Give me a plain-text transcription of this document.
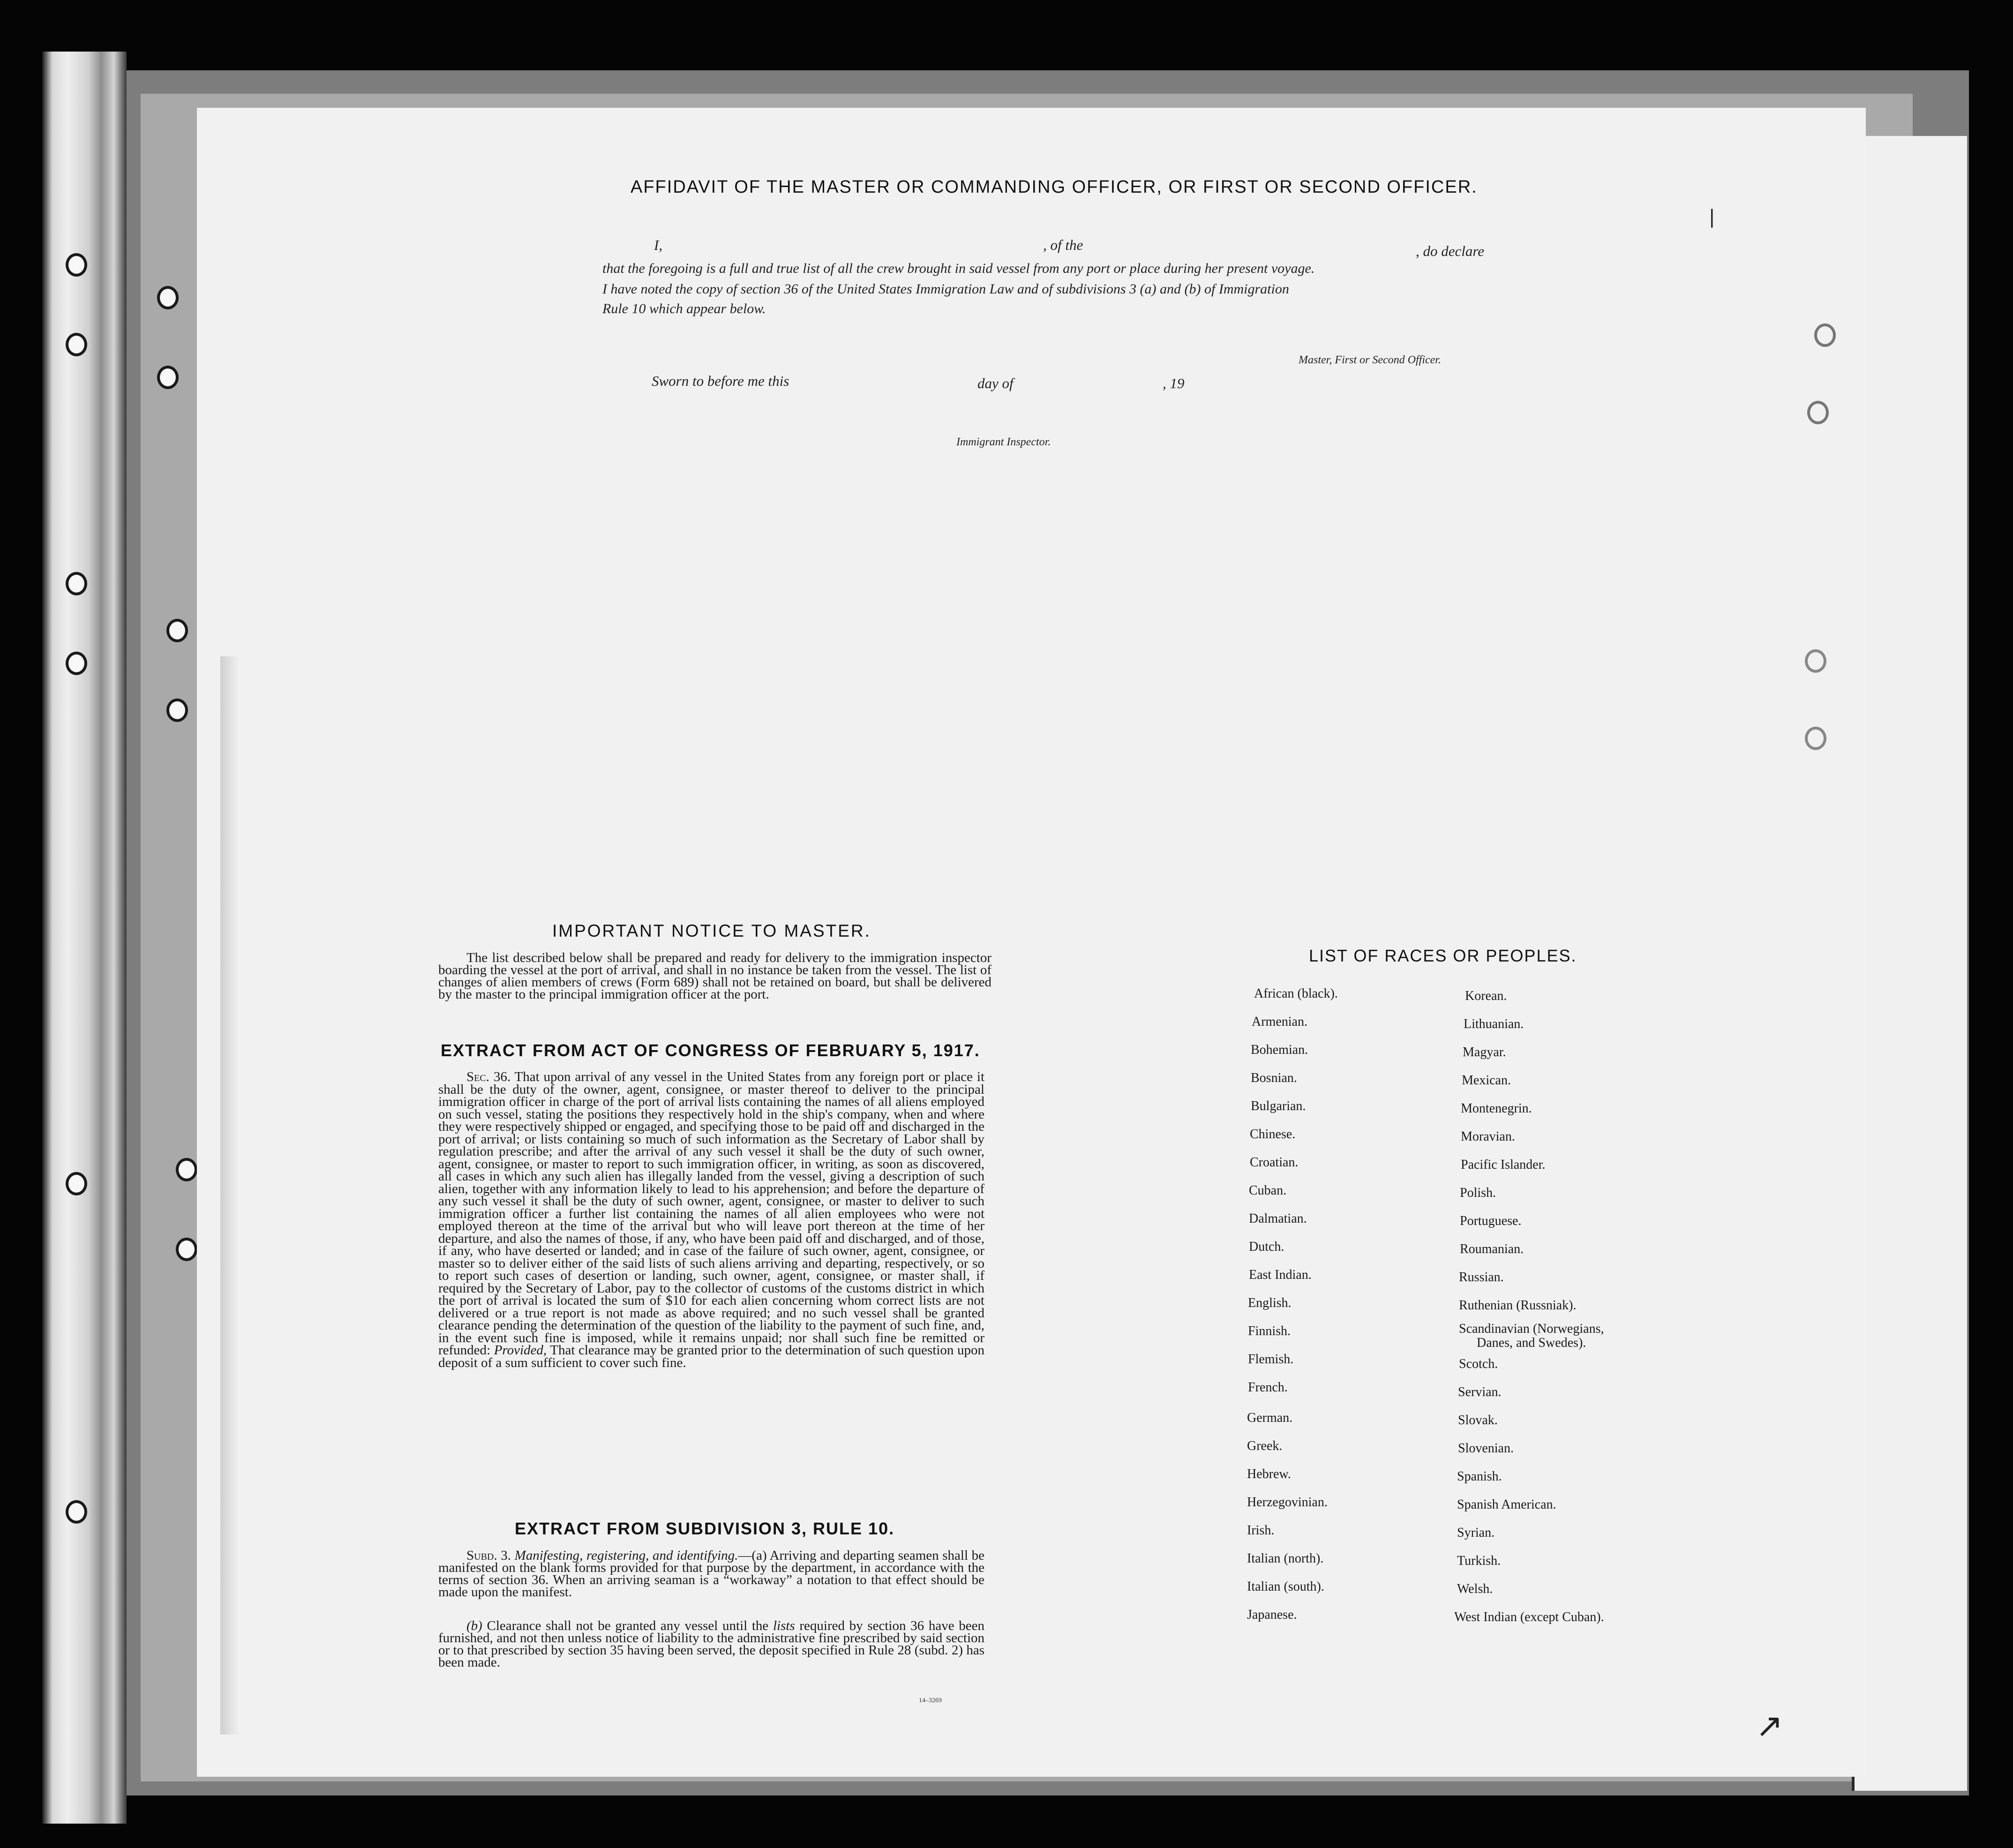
AFFIDAVIT OF THE MASTER OR COMMANDING OFFICER, OR FIRST OR SECOND OFFICER.
I,	, of the	, do declare
that the foregoing is a full and true list of all the crew brought in said vessel from any port or place during her present voyage.
I have noted the copy of section 36 of the United States Immigration Law and of subdivisions 3 (a) and (b) of Immigration
Rule 10 which appear below.
Master, First or Second Officer.
Sworn to before me this	day of	, 19
Immigrant Inspector.
|
IMPORTANT NOTICE TO MASTER.
The list described below shall be prepared and ready for delivery to the immigration inspector boarding the vessel at the port of arrival, and shall in no instance be taken from the vessel. The list of changes of alien members of crews (Form 689) shall not be retained on board, but shall be delivered by the master to the principal immigration officer at the port.
EXTRACT FROM ACT OF CONGRESS OF FEBRUARY 5, 1917.
Sec. 36. That upon arrival of any vessel in the United States from any foreign port or place it shall be the duty of the owner, agent, consignee, or master thereof to deliver to the principal immigration officer in charge of the port of arrival lists containing the names of all aliens employed on such vessel, stating the positions they respectively hold in the ship's company, when and where they were respectively shipped or engaged, and specifying those to be paid off and discharged in the port of arrival; or lists containing so much of such information as the Secretary of Labor shall by regulation prescribe; and after the arrival of any such vessel it shall be the duty of such owner, agent, consignee, or master to report to such immigration officer, in writing, as soon as discovered, all cases in which any such alien has illegally landed from the vessel, giving a description of such alien, together with any information likely to lead to his apprehension; and before the departure of any such vessel it shall be the duty of such owner, agent, consignee, or master to deliver to such immigration officer a further list containing the names of all alien employees who were not employed thereon at the time of the arrival but who will leave port thereon at the time of her departure, and also the names of those, if any, who have been paid off and discharged, and of those, if any, who have deserted or landed; and in case of the failure of such owner, agent, consignee, or master so to deliver either of the said lists of such aliens arriving and departing, respectively, or so to report such cases of desertion or landing, such owner, agent, consignee, or master shall, if required by the Secretary of Labor, pay to the collector of customs of the customs district in which the port of arrival is located the sum of $10 for each alien concerning whom correct lists are not delivered or a true report is not made as above required; and no such vessel shall be granted clearance pending the determination of the question of the liability to the payment of such fine, and, in the event such fine is imposed, while it remains unpaid; nor shall such fine be remitted or refunded: Provided, That clearance may be granted prior to the determination of such question upon deposit of a sum sufficient to cover such fine.
EXTRACT FROM SUBDIVISION 3, RULE 10.
Subd. 3. Manifesting, registering, and identifying.—(a) Arriving and departing seamen shall be manifested on the blank forms provided for that purpose by the department, in accordance with the terms of section 36. When an arriving seaman is a “workaway” a notation to that effect should be made upon the manifest.
(b) Clearance shall not be granted any vessel until the lists required by section 36 have been furnished, and not then unless notice of liability to the administrative fine prescribed by said section or to that prescribed by section 35 having been served, the deposit specified in Rule 28 (subd. 2) has been made.
14–3269
LIST OF RACES OR PEOPLES.
African (black).
Armenian.
Bohemian.
Bosnian.
Bulgarian.
Chinese.
Croatian.
Cuban.
Dalmatian.
Dutch.
East Indian.
English.
Finnish.
Flemish.
French.
German.
Greek.
Hebrew.
Herzegovinian.
Irish.
Italian (north).
Italian (south).
Japanese.
Korean.
Lithuanian.
Magyar.
Mexican.
Montenegrin.
Moravian.
Pacific Islander.
Polish.
Portuguese.
Roumanian.
Russian.
Ruthenian (Russniak).
Scandinavian (Norwegians,
Danes, and Swedes).
Scotch.
Servian.
Slovak.
Slovenian.
Spanish.
Spanish American.
Syrian.
Turkish.
Welsh.
West Indian (except Cuban).
↗
